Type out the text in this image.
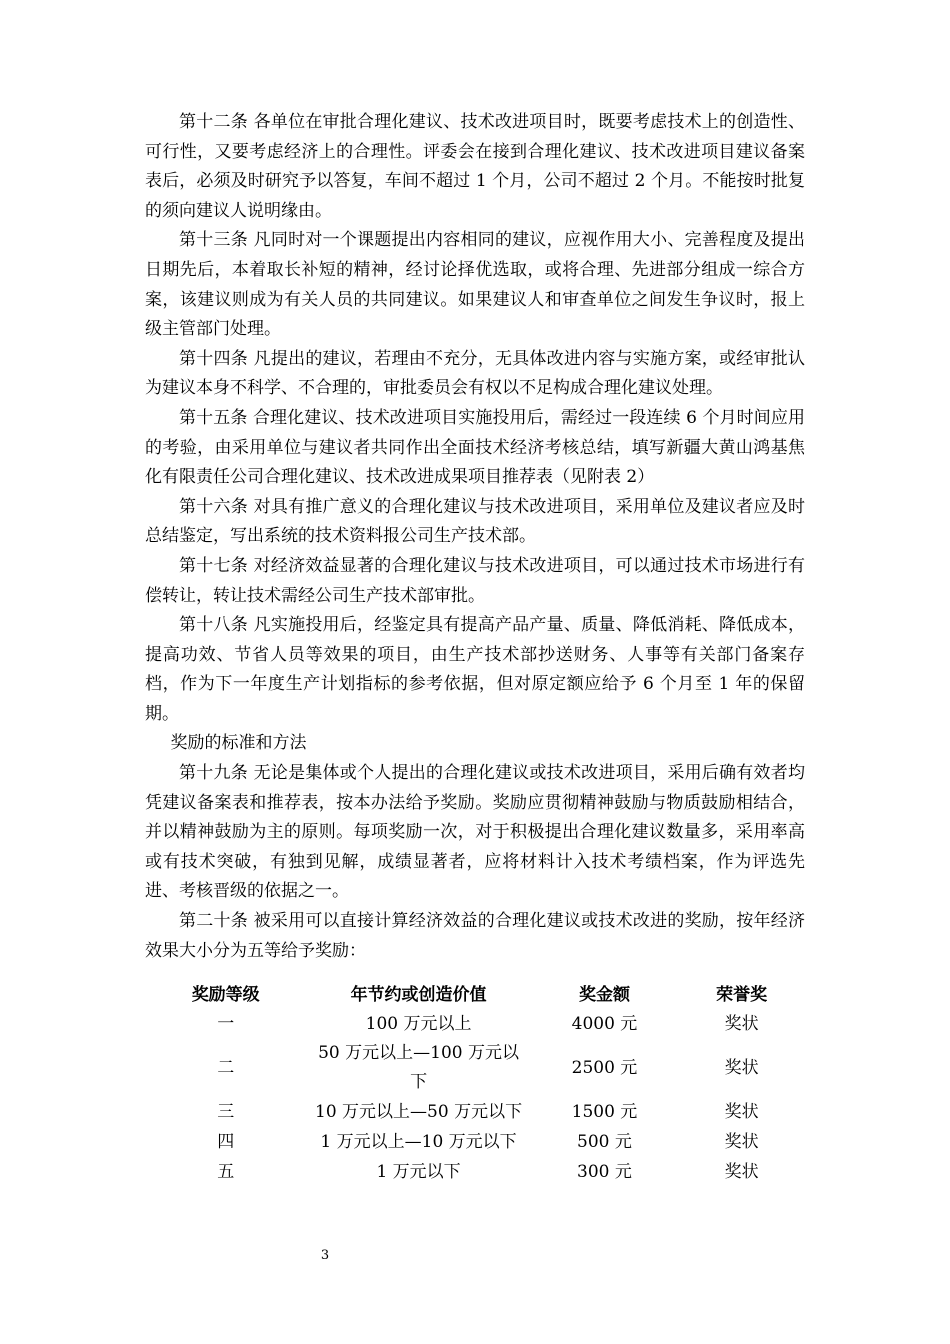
第十二条 各单位在审批合理化建议、技术改进项目时，既要考虑技术上的创造性、可行性，又要考虑经济上的合理性。评委会在接到合理化建议、技术改进项目建议备案表后，必须及时研究予以答复，车间不超过 1 个月，公司不超过 2 个月。不能按时批复的须向建议人说明缘由。

第十三条 凡同时对一个课题提出内容相同的建议，应视作用大小、完善程度及提出日期先后，本着取长补短的精神，经讨论择优选取，或将合理、先进部分组成一综合方案，该建议则成为有关人员的共同建议。如果建议人和审查单位之间发生争议时，报上级主管部门处理。

第十四条 凡提出的建议，若理由不充分，无具体改进内容与实施方案，或经审批认为建议本身不科学、不合理的，审批委员会有权以不足构成合理化建议处理。

第十五条 合理化建议、技术改进项目实施投用后，需经过一段连续 6 个月时间应用的考验，由采用单位与建议者共同作出全面技术经济考核总结，填写新疆大黄山鸿基焦化有限责任公司合理化建议、技术改进成果项目推荐表（见附表 2）

第十六条 对具有推广意义的合理化建议与技术改进项目，采用单位及建议者应及时总结鉴定，写出系统的技术资料报公司生产技术部。

第十七条 对经济效益显著的合理化建议与技术改进项目，可以通过技术市场进行有偿转让，转让技术需经公司生产技术部审批。

第十八条 凡实施投用后，经鉴定具有提高产品产量、质量、降低消耗、降低成本，提高功效、节省人员等效果的项目，由生产技术部抄送财务、人事等有关部门备案存档，作为下一年度生产计划指标的参考依据，但对原定额应给予 6 个月至 1 年的保留期。

奖励的标准和方法

第十九条 无论是集体或个人提出的合理化建议或技术改进项目，采用后确有效者均凭建议备案表和推荐表，按本办法给予奖励。奖励应贯彻精神鼓励与物质鼓励相结合，并以精神鼓励为主的原则。每项奖励一次，对于积极提出合理化建议数量多，采用率高或有技术突破，有独到见解，成绩显著者，应将材料计入技术考绩档案，作为评选先进、考核晋级的依据之一。

第二十条 被采用可以直接计算经济效益的合理化建议或技术改进的奖励，按年经济效果大小分为五等给予奖励：

奖励等级	年节约或创造价值	奖金额	荣誉奖
一	100 万元以上	4000 元	奖状
二	50 万元以上—100 万元以下	2500 元	奖状
三	10 万元以上—50 万元以下	1500 元	奖状
四	1 万元以上—10 万元以下	500 元	奖状
五	1 万元以下	300 元	奖状
3
